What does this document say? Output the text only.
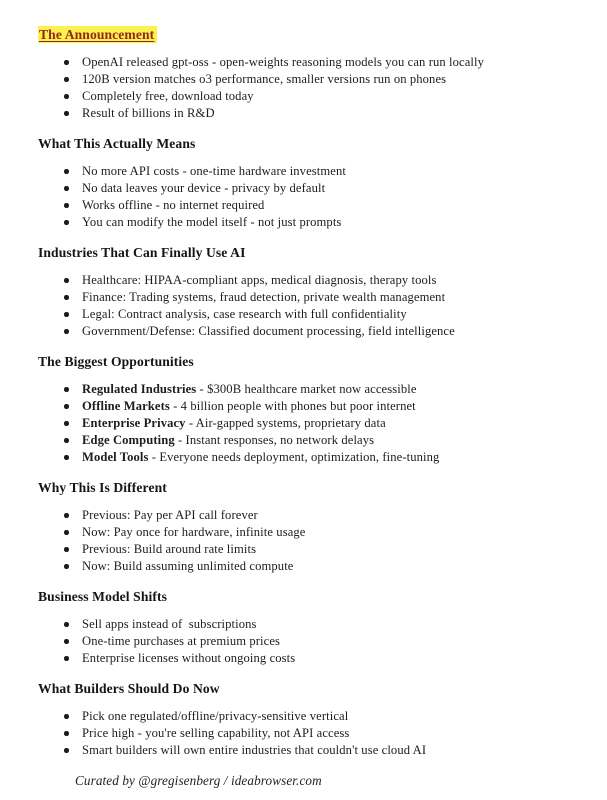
The Announcement
OpenAI released gpt-oss - open-weights reasoning models you can run locally
120B version matches o3 performance, smaller versions run on phones
Completely free, download today
Result of billions in R&D
What This Actually Means
No more API costs - one-time hardware investment
No data leaves your device - privacy by default
Works offline - no internet required
You can modify the model itself - not just prompts
Industries That Can Finally Use AI
Healthcare: HIPAA-compliant apps, medical diagnosis, therapy tools
Finance: Trading systems, fraud detection, private wealth management
Legal: Contract analysis, case research with full confidentiality
Government/Defense: Classified document processing, field intelligence
The Biggest Opportunities
Regulated Industries - $300B healthcare market now accessible
Offline Markets - 4 billion people with phones but poor internet
Enterprise Privacy - Air-gapped systems, proprietary data
Edge Computing - Instant responses, no network delays
Model Tools - Everyone needs deployment, optimization, fine-tuning
Why This Is Different
Previous: Pay per API call forever
Now: Pay once for hardware, infinite usage
Previous: Build around rate limits
Now: Build assuming unlimited compute
Business Model Shifts
Sell apps instead of  subscriptions
One-time purchases at premium prices
Enterprise licenses without ongoing costs
What Builders Should Do Now
Pick one regulated/offline/privacy-sensitive vertical
Price high - you're selling capability, not API access
Smart builders will own entire industries that couldn't use cloud AI
Curated by @gregisenberg / ideabrowser.com
